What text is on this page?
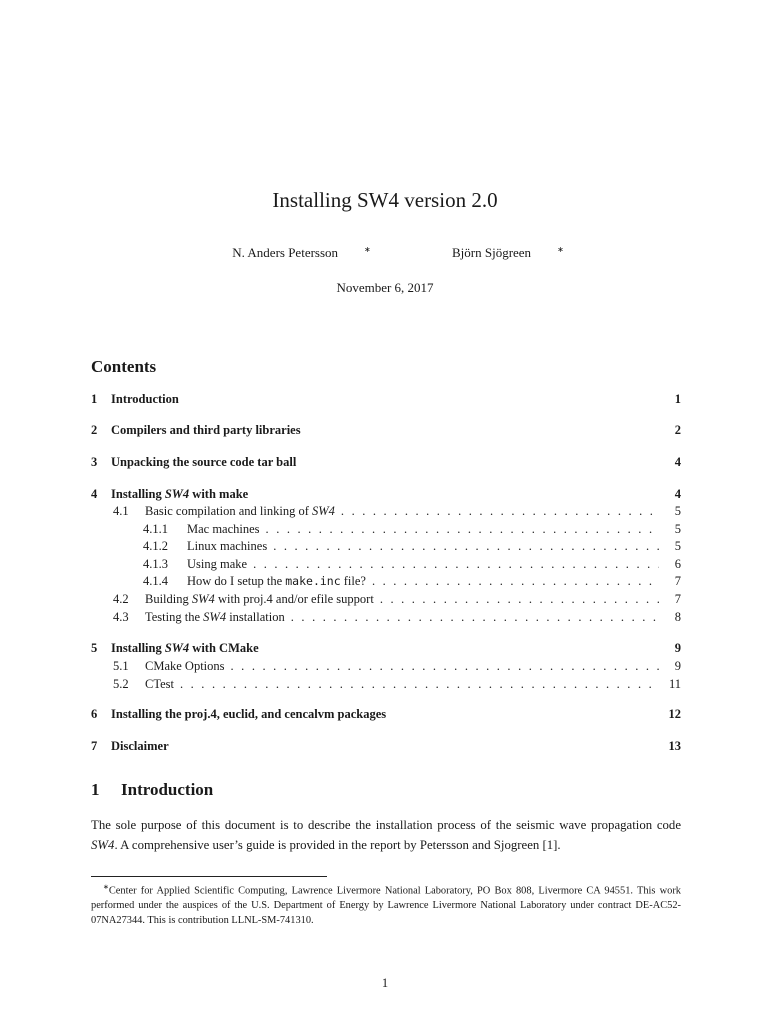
Installing SW4 version 2.0
N. Anders Petersson	∗	Björn Sjögreen	∗
November 6, 2017
Contents
1	Introduction	1
2	Compilers and third party libraries	2
3	Unpacking the source code tar ball	4
4	Installing SW4 with make	4
4.1	Basic compilation and linking of SW4 . . .	5
4.1.1	Mac machines . . .	5
4.1.2	Linux machines . . .	5
4.1.3	Using make . . .	6
4.1.4	How do I setup the make.inc file? . . .	7
4.2	Building SW4 with proj.4 and/or efile support . . .	7
4.3	Testing the SW4 installation . . .	8
5	Installing SW4 with CMake	9
5.1	CMake Options . . .	9
5.2	CTest . . .	11
6	Installing the proj.4, euclid, and cencalvm packages	12
7	Disclaimer	13
1 Introduction
The sole purpose of this document is to describe the installation process of the seismic wave propagation code SW4. A comprehensive user’s guide is provided in the report by Petersson and Sjogreen [1].
∗Center for Applied Scientific Computing, Lawrence Livermore National Laboratory, PO Box 808, Livermore CA 94551. This work performed under the auspices of the U.S. Department of Energy by Lawrence Livermore National Laboratory under contract DE-AC52-07NA27344. This is contribution LLNL-SM-741310.
1
